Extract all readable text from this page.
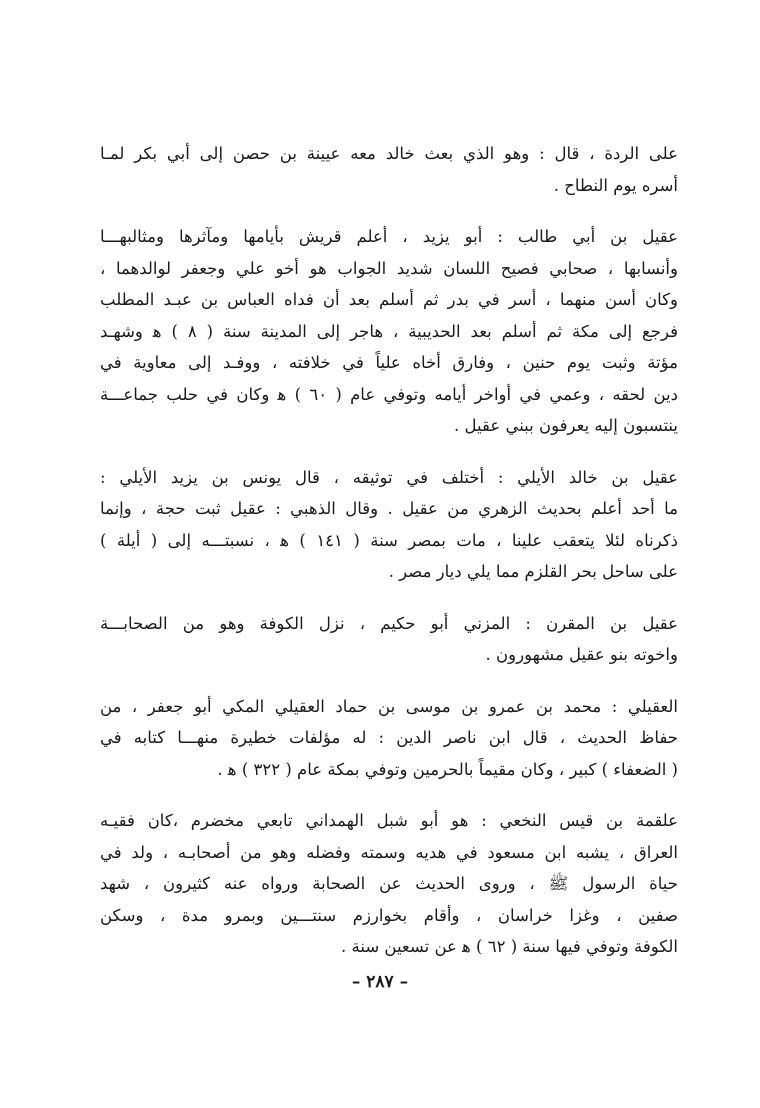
على الردة ، قال : وهو الذي بعث خالد معه عيينة بن حصن إلى أبي بكر لمـا
أسره يوم النطاح .
عقيل بن أبي طالب : أبو يزيد ، أعلم قريش بأيامها ومآثرها ومثالبهـــا
وأنسابها ، صحابي فصيح اللسان شديد الجواب هو أخو علي وجعفر لوالدهما ،
وكان أسن منهما ، أسر في بدر ثم أسلم بعد أن فداه العباس بن عبـد المطلب
فرجع إلى مكة ثم أسلم بعد الحديبية ، هاجر إلى المدينة سنة ( ٨ ) ﻫ وشهـد
مؤتة وثبت يوم حنين ، وفارق أخاه علياً في خلافته ، ووفـد إلى معاوية في
دين لحقه ، وعمي في أواخر أيامه وتوفي عام ( ٦٠ ) ﻫ وكان في حلب جماعـــة
ينتسبون إليه يعرفون ببني عقيل .
عقيل بن خالد الأيلي : أختلف في توثيقه ، قال يونس بن يزيد الأيلي :
ما أحد أعلم بحديث الزهري من عقيل . وقال الذهبي : عقيل ثبت حجة ، وإنما
ذكرناه لئلا يتعقب علينا ، مات بمصر سنة ( ١٤١ ) ﻫ ، نسبتـــه إلى ( أيلة )
على ساحل بحر القلزم مما يلي ديار مصر .
عقيل بن المقرن : المزني أبو حكيم ، نزل الكوفة وهو من الصحابـــة
واخوته بنو عقيل مشهورون .
العقيلي : محمد بن عمرو بن موسى بن حماد العقيلي المكي أبو جعفر ، من
حفاظ الحديث ، قال ابن ناصر الدين : له مؤلفات خطيرة منهـــا كتابه في
( الضعفاء ) كبير ، وكان مقيماً بالحرمين وتوفي بمكة عام ( ٣٢٢ ) ﻫ .
علقمة بن قيس النخعي : هو أبو شبل الهمداني تابعي مخضرم ،كان فقيـه
العراق ، يشبه ابن مسعود في هديه وسمته وفضله وهو من أصحابـه ، ولد في
حياة الرسول ﷺ ، وروى الحديث عن الصحابة ورواه عنه كثيرون ، شهد
صفين ، وغزا خراسان ، وأقام بخوارزم سنتـــين وبمرو مدة ، وسكن
الكوفة وتوفي فيها سنة ( ٦٢ ) ﻫ عن تسعين سنة .
– ٢٨٧ –
